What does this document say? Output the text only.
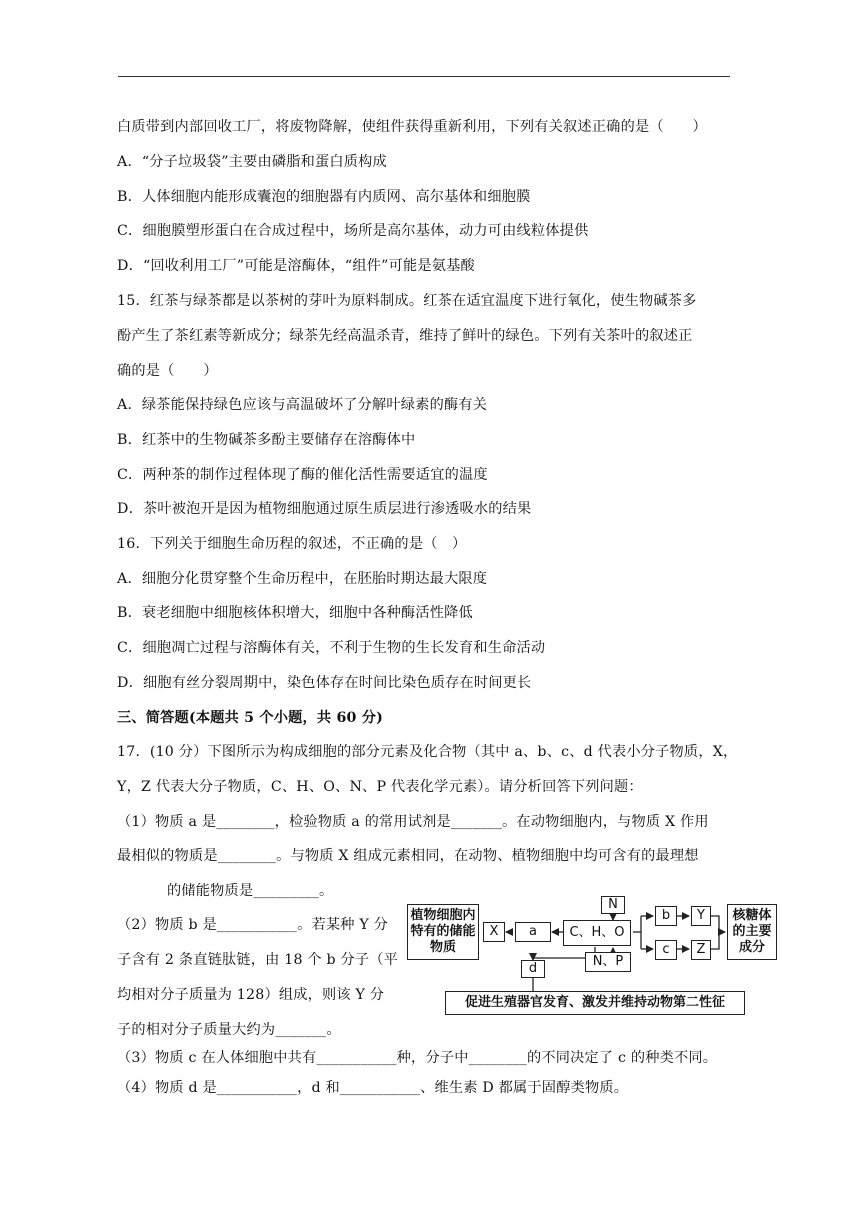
白质带到内部回收工厂，将废物降解，使组件获得重新利用，下列有关叙述正确的是（　　）
A．“分子垃圾袋”主要由磷脂和蛋白质构成
B．人体细胞内能形成囊泡的细胞器有内质网、高尔基体和细胞膜
C．细胞膜塑形蛋白在合成过程中，场所是高尔基体，动力可由线粒体提供
D．“回收利用工厂”可能是溶酶体，“组件”可能是氨基酸
15．红茶与绿茶都是以茶树的芽叶为原料制成。红茶在适宜温度下进行氧化，使生物碱茶多
酚产生了茶红素等新成分；绿茶先经高温杀青，维持了鲜叶的绿色。下列有关茶叶的叙述正
确的是（　　）
A．绿茶能保持绿色应该与高温破坏了分解叶绿素的酶有关
B．红茶中的生物碱茶多酚主要储存在溶酶体中
C．两种茶的制作过程体现了酶的催化活性需要适宜的温度
D．茶叶被泡开是因为植物细胞通过原生质层进行渗透吸水的结果
16．下列关于细胞生命历程的叙述，不正确的是（　）
A．细胞分化贯穿整个生命历程中，在胚胎时期达最大限度
B．衰老细胞中细胞核体积增大，细胞中各种酶活性降低
C．细胞凋亡过程与溶酶体有关，不利于生物的生长发育和生命活动
D．细胞有丝分裂周期中，染色体存在时间比染色质存在时间更长
三、简答题(本题共 5 个小题，共 60 分)
17．(10 分）下图所示为构成细胞的部分元素及化合物（其中 a、b、c、d 代表小分子物质，X，
Y，Z 代表大分子物质，C、H、O、N、P 代表化学元素）。请分析回答下列问题：
（1）物质 a 是________，检验物质 a 的常用试剂是_______。在动物细胞内，与物质 X 作用
最相似的物质是________。与物质 X 组成元素相同，在动物、植物细胞中均可含有的最理想
的储能物质是_________。
（2）物质 b 是___________。若某种 Y 分
子含有 2 条直链肽链，由 18 个 b 分子（平
均相对分子质量为 128）组成，则该 Y 分
子的相对分子质量大约为_______。
（3）物质 c 在人体细胞中共有___________种，分子中________的不同决定了 c 的种类不同。
（4）物质 d 是___________，d 和___________、维生素 D 都属于固醇类物质。
植物细胞内特有的储能物质
X	a	C、H、O
N
N、P
b
c
Y
Z
核糖体的主要成分
d
促进生殖器官发育、激发并维持动物第二性征
